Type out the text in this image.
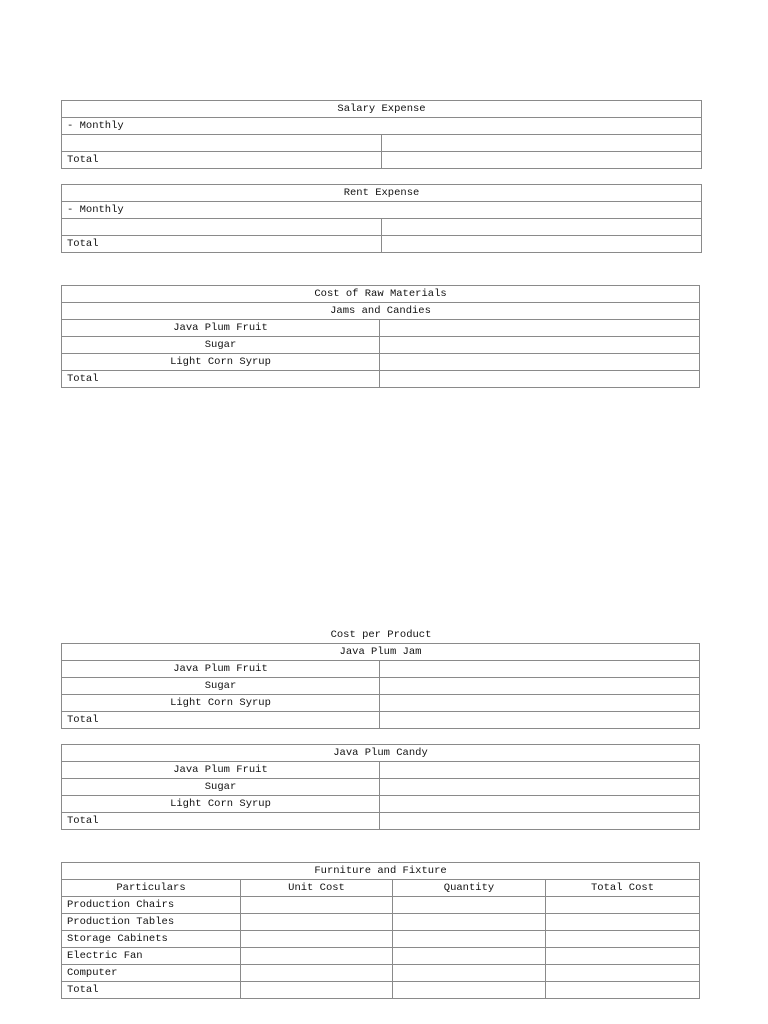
Salary Expense	
- Monthly	

Total	
Rent Expense	
- Monthly	

Total	
Cost of Raw Materials	
Jams and Candies	
Java Plum Fruit	
Sugar	
Light Corn Syrup	
Total	
Cost per Product
Java Plum Jam	
Java Plum Fruit	
Sugar	
Light Corn Syrup	
Total	
Java Plum Candy	
Java Plum Fruit	
Sugar	
Light Corn Syrup	
Total	
Furniture and Fixture			
Particulars	Unit Cost	Quantity	Total Cost
Production Chairs			
Production Tables			
Storage Cabinets			
Electric Fan			
Computer			
Total			
